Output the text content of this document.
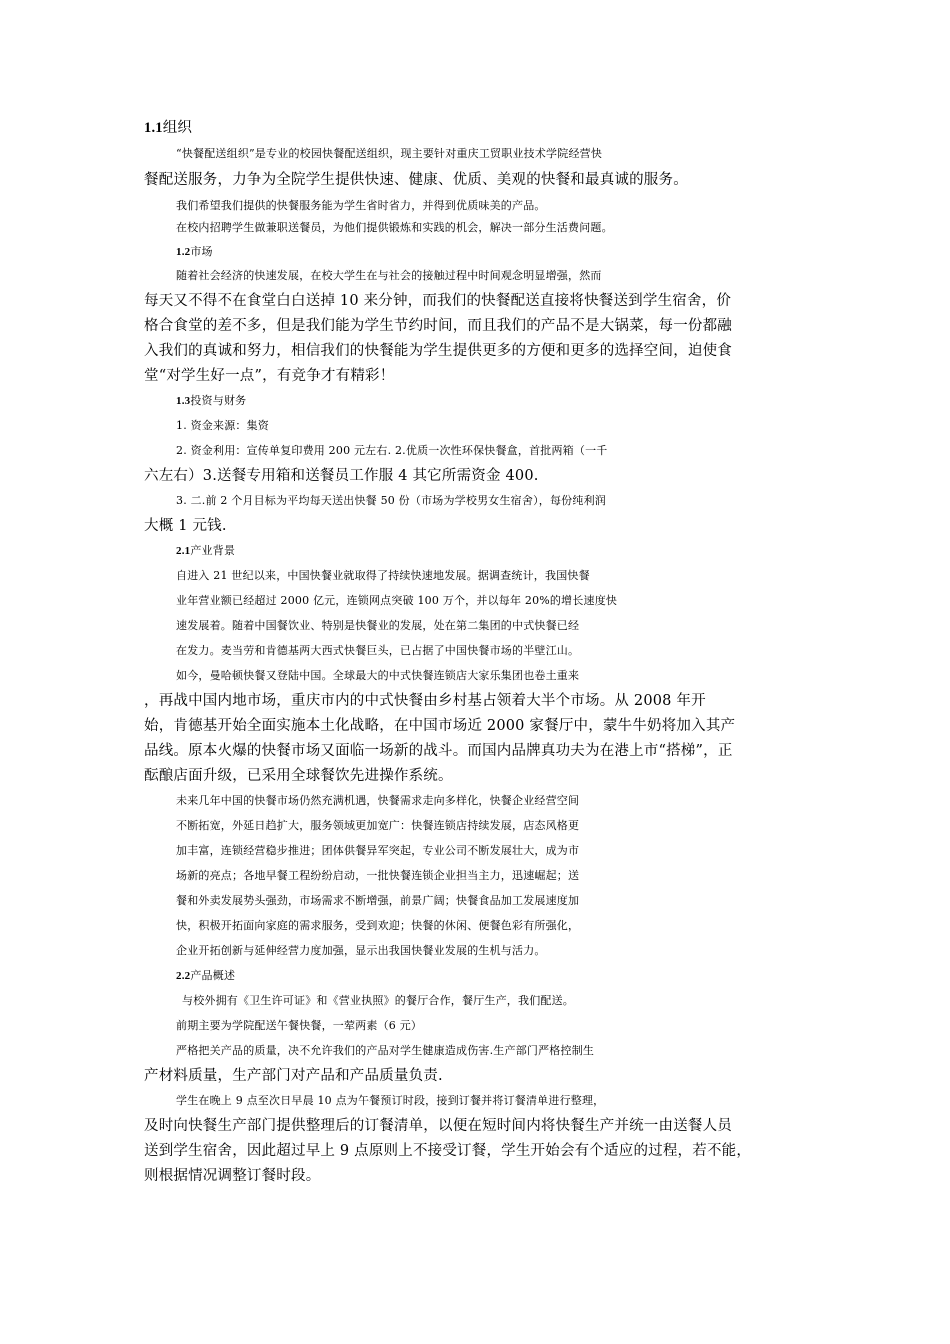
1.1组织
“快餐配送组织”是专业的校园快餐配送组织，现主要针对重庆工贸职业技术学院经营快
餐配送服务，力争为全院学生提供快速、健康、优质、美观的快餐和最真诚的服务。
我们希望我们提供的快餐服务能为学生省时省力，并得到优质味美的产品。
在校内招聘学生做兼职送餐员，为他们提供锻炼和实践的机会，解决一部分生活费问题。
1.2市场
随着社会经济的快速发展，在校大学生在与社会的接触过程中时间观念明显增强，然而
每天又不得不在食堂白白送掉 10 来分钟，而我们的快餐配送直接将快餐送到学生宿舍，价
格合食堂的差不多，但是我们能为学生节约时间，而且我们的产品不是大锅菜，每一份都融
入我们的真诚和努力，相信我们的快餐能为学生提供更多的方便和更多的选择空间，迫使食
堂“对学生好一点”，有竞争才有精彩！
1.3投资与财务
1. 资金来源：集资
2. 资金利用：宣传单复印费用 200 元左右. 2.优质一次性环保快餐盒，首批两箱（一千
六左右）3.送餐专用箱和送餐员工作服 4 其它所需资金 400.
3. 二.前 2 个月目标为平均每天送出快餐 50 份（市场为学校男女生宿舍），每份纯利润
大概 1 元钱.
2.1产业背景
自进入 21 世纪以来，中国快餐业就取得了持续快速地发展。据调查统计，我国快餐
业年营业额已经超过 2000 亿元，连锁网点突破 100 万个，并以每年 20%的增长速度快
速发展着。随着中国餐饮业、特别是快餐业的发展，处在第二集团的中式快餐已经
在发力。麦当劳和肯德基两大西式快餐巨头，已占据了中国快餐市场的半壁江山。
如今，曼哈顿快餐又登陆中国。全球最大的中式快餐连锁店大家乐集团也卷土重来
，再战中国内地市场，重庆市内的中式快餐由乡村基占领着大半个市场。从 2008 年开
始，肯德基开始全面实施本土化战略，在中国市场近 2000 家餐厅中，蒙牛牛奶将加入其产
品线。原本火爆的快餐市场又面临一场新的战斗。而国内品牌真功夫为在港上市“搭梯”，正
酝酿店面升级，已采用全球餐饮先进操作系统。
未来几年中国的快餐市场仍然充满机遇，快餐需求走向多样化，快餐企业经营空间
不断拓宽，外延日趋扩大，服务领域更加宽广：快餐连锁店持续发展，店态风格更
加丰富，连锁经营稳步推进；团体供餐异军突起，专业公司不断发展壮大，成为市
场新的亮点；各地早餐工程纷纷启动，一批快餐连锁企业担当主力，迅速崛起；送
餐和外卖发展势头强劲，市场需求不断增强，前景广阔；快餐食品加工发展速度加
快，积极开拓面向家庭的需求服务，受到欢迎；快餐的休闲、便餐色彩有所强化，
企业开拓创新与延伸经营力度加强，显示出我国快餐业发展的生机与活力。
2.2产品概述
与校外拥有《卫生许可证》和《营业执照》的餐厅合作，餐厅生产，我们配送。
前期主要为学院配送午餐快餐，一荤两素（6 元）
严格把关产品的质量，决不允许我们的产品对学生健康造成伤害.生产部门严格控制生
产材料质量，生产部门对产品和产品质量负责.
学生在晚上 9 点至次日早晨 10 点为午餐预订时段，接到订餐并将订餐清单进行整理，
及时向快餐生产部门提供整理后的订餐清单，以便在短时间内将快餐生产并统一由送餐人员
送到学生宿舍，因此超过早上 9 点原则上不接受订餐，学生开始会有个适应的过程，若不能，
则根据情况调整订餐时段。
